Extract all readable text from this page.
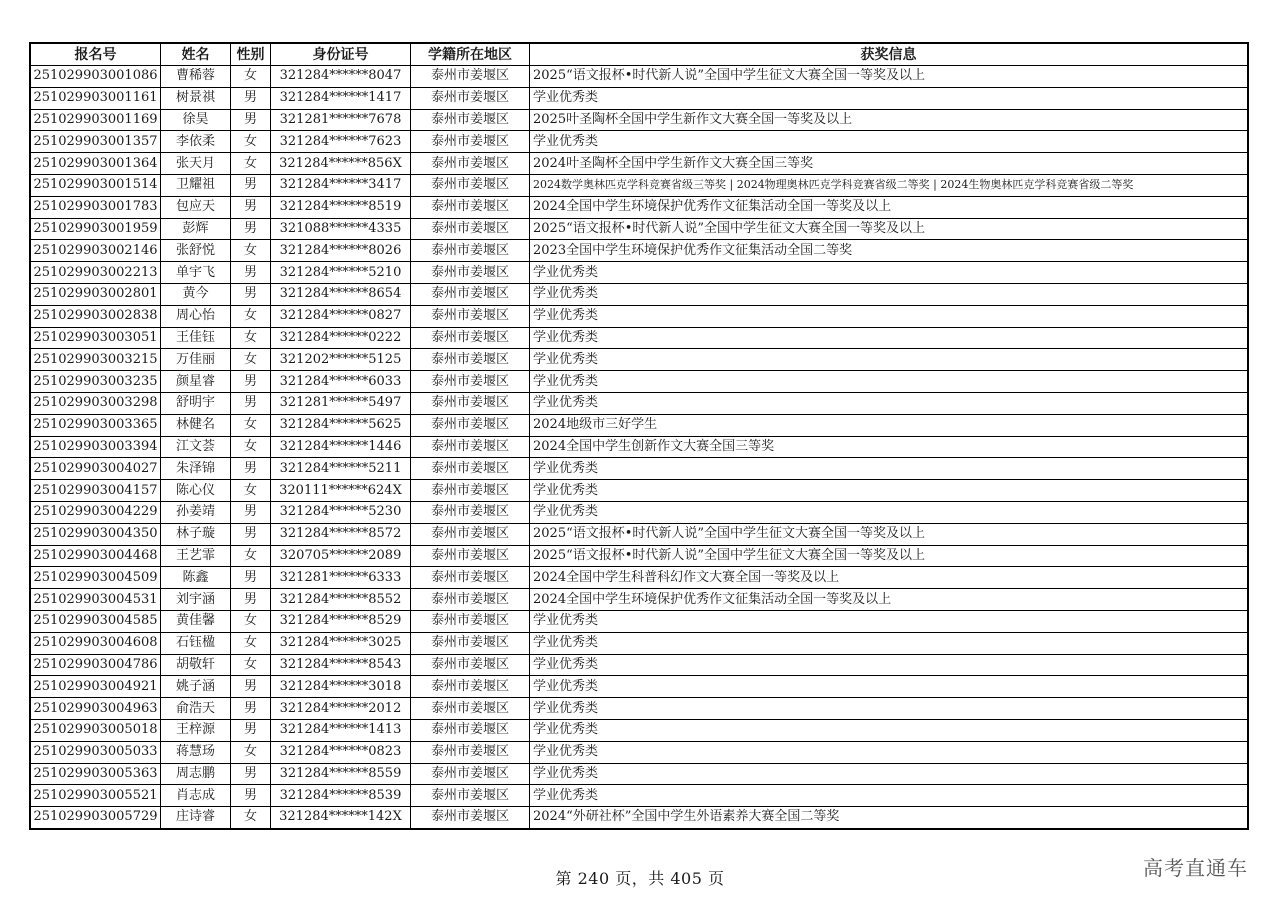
报名号	姓名	性别	身份证号	学籍所在地区	获奖信息
251029903001086	曹稀蓉	女	321284******8047	泰州市姜堰区	2025“语文报杯•时代新人说”全国中学生征文大赛全国一等奖及以上
251029903001161	树景祺	男	321284******1417	泰州市姜堰区	学业优秀类
251029903001169	徐昊	男	321281******7678	泰州市姜堰区	2025叶圣陶杯全国中学生新作文大赛全国一等奖及以上
251029903001357	李依柔	女	321284******7623	泰州市姜堰区	学业优秀类
251029903001364	张天月	女	321284******856X	泰州市姜堰区	2024叶圣陶杯全国中学生新作文大赛全国三等奖
251029903001514	卫耀祖	男	321284******3417	泰州市姜堰区	2024数学奥林匹克学科竞赛省级三等奖 | 2024物理奥林匹克学科竞赛省级二等奖 | 2024生物奥林匹克学科竞赛省级二等奖
251029903001783	包应天	男	321284******8519	泰州市姜堰区	2024全国中学生环境保护优秀作文征集活动全国一等奖及以上
251029903001959	彭辉	男	321088******4335	泰州市姜堰区	2025“语文报杯•时代新人说”全国中学生征文大赛全国一等奖及以上
251029903002146	张舒悦	女	321284******8026	泰州市姜堰区	2023全国中学生环境保护优秀作文征集活动全国二等奖
251029903002213	单宇飞	男	321284******5210	泰州市姜堰区	学业优秀类
251029903002801	黄今	男	321284******8654	泰州市姜堰区	学业优秀类
251029903002838	周心怡	女	321284******0827	泰州市姜堰区	学业优秀类
251029903003051	王佳钰	女	321284******0222	泰州市姜堰区	学业优秀类
251029903003215	万佳丽	女	321202******5125	泰州市姜堰区	学业优秀类
251029903003235	颜星睿	男	321284******6033	泰州市姜堰区	学业优秀类
251029903003298	舒明宇	男	321281******5497	泰州市姜堰区	学业优秀类
251029903003365	林健名	女	321284******5625	泰州市姜堰区	2024地级市三好学生
251029903003394	江文荟	女	321284******1446	泰州市姜堰区	2024全国中学生创新作文大赛全国三等奖
251029903004027	朱泽锦	男	321284******5211	泰州市姜堰区	学业优秀类
251029903004157	陈心仪	女	320111******624X	泰州市姜堰区	学业优秀类
251029903004229	孙姜靖	男	321284******5230	泰州市姜堰区	学业优秀类
251029903004350	林子璇	男	321284******8572	泰州市姜堰区	2025“语文报杯•时代新人说”全国中学生征文大赛全国一等奖及以上
251029903004468	王艺霏	女	320705******2089	泰州市姜堰区	2025“语文报杯•时代新人说”全国中学生征文大赛全国一等奖及以上
251029903004509	陈鑫	男	321281******6333	泰州市姜堰区	2024全国中学生科普科幻作文大赛全国一等奖及以上
251029903004531	刘宇涵	男	321284******8552	泰州市姜堰区	2024全国中学生环境保护优秀作文征集活动全国一等奖及以上
251029903004585	黄佳馨	女	321284******8529	泰州市姜堰区	学业优秀类
251029903004608	石钰楹	女	321284******3025	泰州市姜堰区	学业优秀类
251029903004786	胡敬轩	女	321284******8543	泰州市姜堰区	学业优秀类
251029903004921	姚子涵	男	321284******3018	泰州市姜堰区	学业优秀类
251029903004963	俞浩天	男	321284******2012	泰州市姜堰区	学业优秀类
251029903005018	王梓源	男	321284******1413	泰州市姜堰区	学业优秀类
251029903005033	蒋慧玚	女	321284******0823	泰州市姜堰区	学业优秀类
251029903005363	周志鹏	男	321284******8559	泰州市姜堰区	学业优秀类
251029903005521	肖志成	男	321284******8539	泰州市姜堰区	学业优秀类
251029903005729	庄诗睿	女	321284******142X	泰州市姜堰区	2024“外研社杯”全国中学生外语素养大赛全国二等奖
第 240 页，共 405 页	高考直通车
